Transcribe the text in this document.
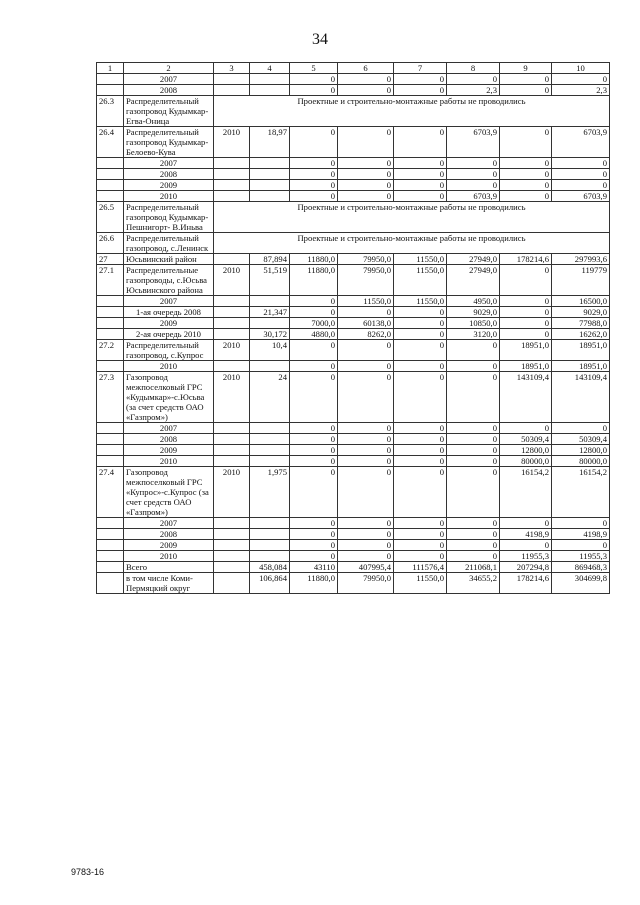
34
1	2	3	4	5	6	7	8	9	10
	2007			0	0	0	0	0	0
	2008			0	0	0	2,3	0	2,3
26.3	Распределительный газопровод Кудымкар-Егва-Оница	Проектные и строительно-монтажные работы не проводились							
26.4	Распределительный газопровод Кудымкар-Белоево-Кува	2010	18,97	0	0	0	6703,9	0	6703,9
	2007			0	0	0	0	0	0
	2008			0	0	0	0	0	0
	2009			0	0	0	0	0	0
	2010			0	0	0	6703,9	0	6703,9
26.5	Распределительный газопровод Кудымкар-Пешнигорт- В.Иньва	Проектные и строительно-монтажные работы не проводились							
26.6	Распределительный газопровод, с.Ленинск	Проектные и строительно-монтажные работы не проводились							
27	Юсьвинский район		87,894	11880,0	79950,0	11550,0	27949,0	178214,6	297993,6
27.1	Распределительные газопроводы, с.Юсьва Юсьвинского района	2010	51,519	11880,0	79950,0	11550,0	27949,0	0	119779
	2007			0	11550,0	11550,0	4950,0	0	16500,0
	1-ая очередь 2008		21,347	0	0	0	9029,0	0	9029,0
	2009			7000,0	60138,0	0	10850,0	0	77988,0
	2-ая очередь 2010		30,172	4880,0	8262,0	0	3120,0	0	16262,0
27.2	Распределительный газопровод, с.Купрос	2010	10,4	0	0	0	0	18951,0	18951,0
	2010			0	0	0	0	18951,0	18951,0
27.3	Газопровод межпоселковый ГРС «Кудымкар»-с.Юсьва (за счет средств ОАО «Газпром»)	2010	24	0	0	0	0	143109,4	143109,4
	2007			0	0	0	0	0	0
	2008			0	0	0	0	50309,4	50309,4
	2009			0	0	0	0	12800,0	12800,0
	2010			0	0	0	0	80000,0	80000,0
27.4	Газопровод межпоселковый ГРС «Купрос»-с.Купрос (за счет средств ОАО «Газпром»)	2010	1,975	0	0	0	0	16154,2	16154,2
	2007			0	0	0	0	0	0
	2008			0	0	0	0	4198,9	4198,9
	2009			0	0	0	0	0	0
	2010			0	0	0	0	11955,3	11955,3
	Всего		458,084	43110	407995,4	111576,4	211068,1	207294,8	869468,3
	в том числе Коми-Пермяцкий округ		106,864	11880,0	79950,0	11550,0	34655,2	178214,6	304699,8
9783-16
